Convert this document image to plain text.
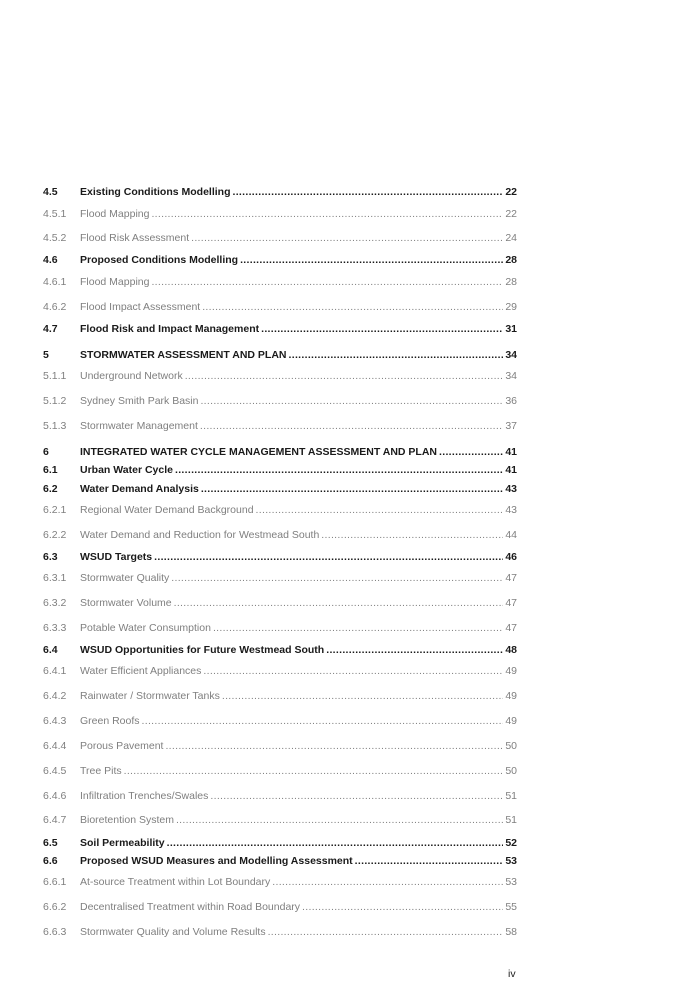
4.5	Existing Conditions Modelling .....	22
4.5.1	Flood Mapping .....	22
4.5.2	Flood Risk Assessment .....	24
4.6	Proposed Conditions Modelling .....	28
4.6.1	Flood Mapping .....	28
4.6.2	Flood Impact Assessment .....	29
4.7	Flood Risk and Impact Management .....	31
5	STORMWATER ASSESSMENT AND PLAN .....	34
5.1.1	Underground Network .....	34
5.1.2	Sydney Smith Park Basin .....	36
5.1.3	Stormwater Management .....	37
6	INTEGRATED WATER CYCLE MANAGEMENT ASSESSMENT AND PLAN .....	41
6.1	Urban Water Cycle .....	41
6.2	Water Demand Analysis .....	43
6.2.1	Regional Water Demand Background .....	43
6.2.2	Water Demand and Reduction for Westmead South .....	44
6.3	WSUD Targets .....	46
6.3.1	Stormwater Quality .....	47
6.3.2	Stormwater Volume .....	47
6.3.3	Potable Water Consumption .....	47
6.4	WSUD Opportunities for Future Westmead South .....	48
6.4.1	Water Efficient Appliances .....	49
6.4.2	Rainwater / Stormwater Tanks .....	49
6.4.3	Green Roofs .....	49
6.4.4	Porous Pavement .....	50
6.4.5	Tree Pits .....	50
6.4.6	Infiltration Trenches/Swales .....	51
6.4.7	Bioretention System .....	51
6.5	Soil Permeability .....	52
6.6	Proposed WSUD Measures and Modelling Assessment .....	53
6.6.1	At-source Treatment within Lot Boundary .....	53
6.6.2	Decentralised Treatment within Road Boundary .....	55
6.6.3	Stormwater Quality and Volume Results .....	58
iv
